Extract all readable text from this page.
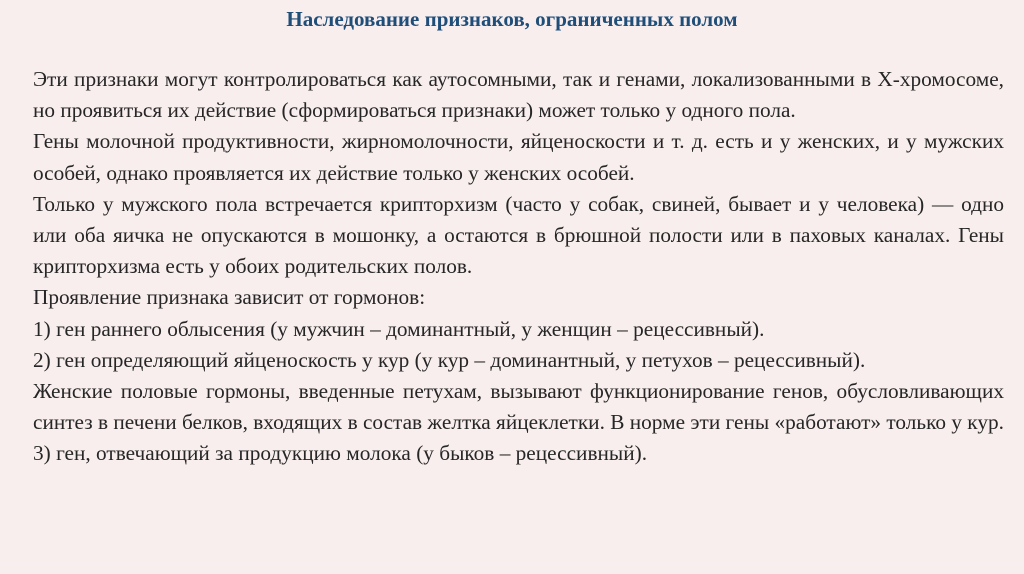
Наследование признаков, ограниченных полом

Эти признаки могут контролироваться как аутосомными, так и генами, локализованными в Х-хромосоме, но проявиться их действие (сформироваться признаки) может только у одного пола.

Гены молочной продуктивности, жирномолочности, яйценоскости и т. д. есть и у женских, и у мужских особей, однако проявляется их действие только у женских особей.

Только у мужского пола встречается крипторхизм (часто у собак, свиней, бывает и у человека) — одно или оба яичка не опускаются в мошонку, а остаются в брюшной полости или в паховых каналах. Гены крипторхизма есть у обоих родительских полов.

Проявление признака зависит от гормонов:

1) ген раннего облысения (у мужчин – доминантный, у женщин – рецессивный).

2) ген определяющий яйценоскость у кур (у кур – доминантный, у петухов – рецессивный).

Женские половые гормоны, введенные петухам, вызывают функционирование генов, обусловливающих синтез в печени белков, входящих в состав желтка яйцеклетки. В норме эти гены «работают» только у кур.

3) ген, отвечающий за продукцию молока (у быков – рецессивный).
